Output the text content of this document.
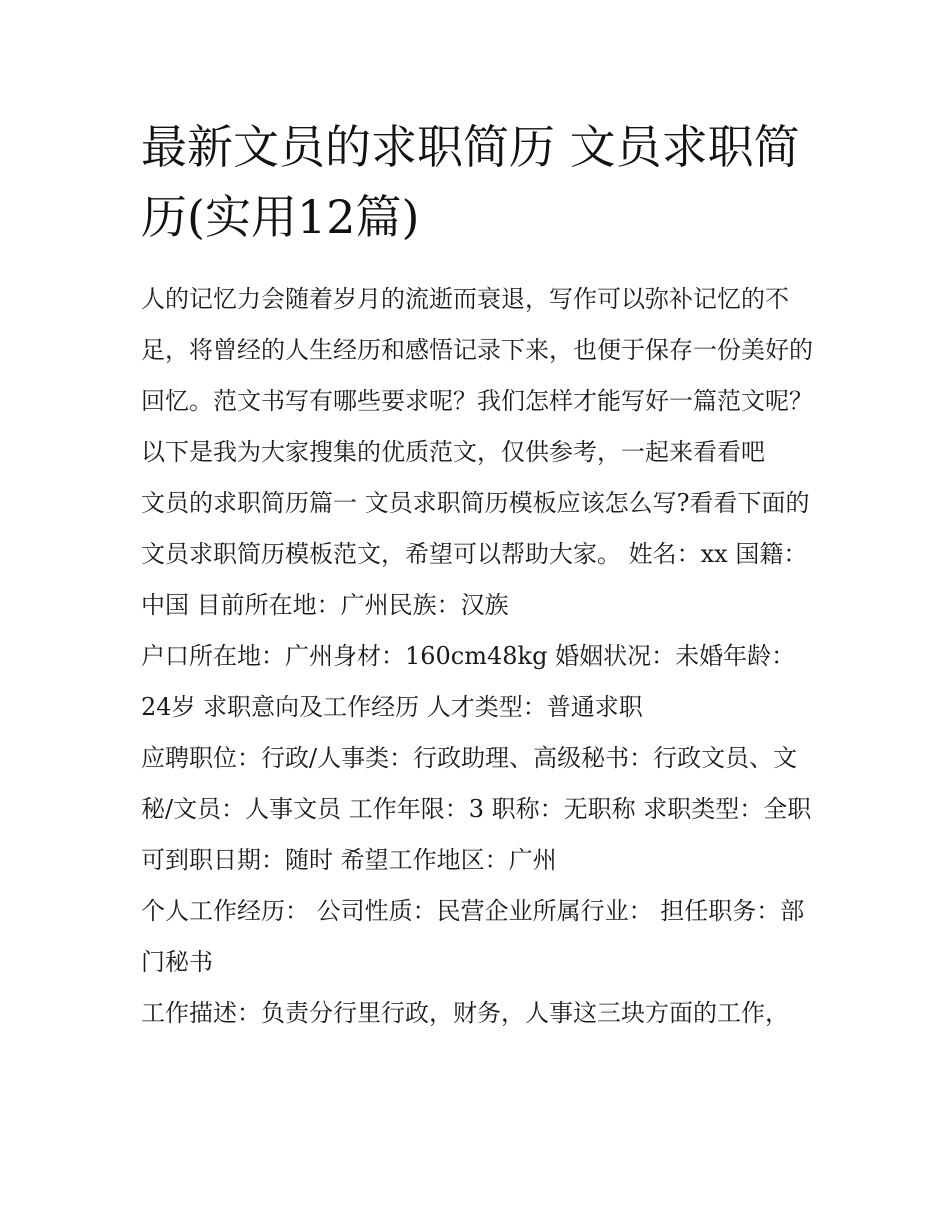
最新文员的求职简历 文员求职简历(实用12篇)

人的记忆力会随着岁月的流逝而衰退，写作可以弥补记忆的不足，将曾经的人生经历和感悟记录下来，也便于保存一份美好的回忆。范文书写有哪些要求呢？我们怎样才能写好一篇范文呢？以下是我为大家搜集的优质范文，仅供参考，一起来看看吧

文员的求职简历篇一 文员求职简历模板应该怎么写?看看下面的文员求职简历模板范文，希望可以帮助大家。 姓名：xx 国籍：中国 目前所在地：广州民族：汉族

户口所在地：广州身材：160cm48kg 婚姻状况：未婚年龄：24岁 求职意向及工作经历 人才类型：普通求职

应聘职位：行政/人事类：行政助理、高级秘书：行政文员、文秘/文员：人事文员 工作年限：3 职称：无职称 求职类型：全职可到职日期：随时 希望工作地区：广州

个人工作经历： 公司性质：民营企业所属行业： 担任职务：部门秘书

工作描述：负责分行里行政，财务，人事这三块方面的工作，
